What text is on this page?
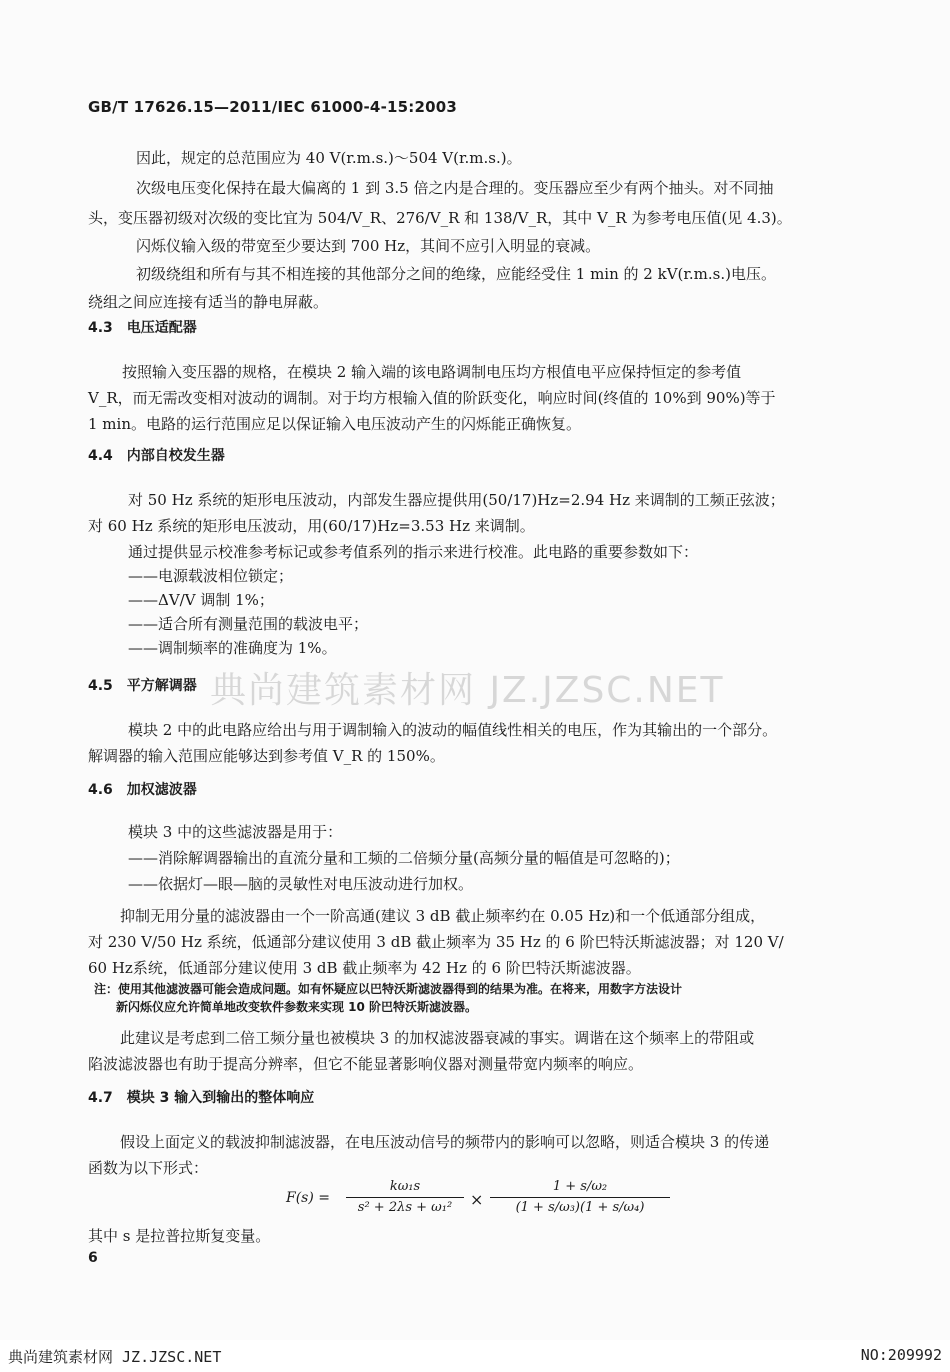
GB/T 17626.15—2011/IEC 61000-4-15:2003
因此，规定的总范围应为 40 V(r.m.s.)～504 V(r.m.s.)。
次级电压变化保持在最大偏离的 1 到 3.5 倍之内是合理的。变压器应至少有两个抽头。对不同抽
头，变压器初级对次级的变比宜为 504/V_R、276/V_R 和 138/V_R，其中 V_R 为参考电压值(见 4.3)。
闪烁仪输入级的带宽至少要达到 700 Hz，其间不应引入明显的衰减。
初级绕组和所有与其不相连接的其他部分之间的绝缘，应能经受住 1 min 的 2 kV(r.m.s.)电压。
绕组之间应连接有适当的静电屏蔽。
4.3　电压适配器
按照输入变压器的规格，在模块 2 输入端的该电路调制电压均方根值电平应保持恒定的参考值
V_R，而无需改变相对波动的调制。对于均方根输入值的阶跃变化，响应时间(终值的 10%到 90%)等于
1 min。电路的运行范围应足以保证输入电压波动产生的闪烁能正确恢复。
4.4　内部自校发生器
对 50 Hz 系统的矩形电压波动，内部发生器应提供用(50/17)Hz=2.94 Hz 来调制的工频正弦波；
对 60 Hz 系统的矩形电压波动，用(60/17)Hz=3.53 Hz 来调制。
通过提供显示校准参考标记或参考值系列的指示来进行校准。此电路的重要参数如下：
——电源载波相位锁定；
——ΔV/V 调制 1%；
——适合所有测量范围的载波电平；
——调制频率的准确度为 1%。
典尚建筑素材网 JZ.JZSC.NET
4.5　平方解调器
模块 2 中的此电路应给出与用于调制输入的波动的幅值线性相关的电压，作为其输出的一个部分。
解调器的输入范围应能够达到参考值 V_R 的 150%。
4.6　加权滤波器
模块 3 中的这些滤波器是用于：
——消除解调器输出的直流分量和工频的二倍频分量(高频分量的幅值是可忽略的)；
——依据灯—眼—脑的灵敏性对电压波动进行加权。
抑制无用分量的滤波器由一个一阶高通(建议 3 dB 截止频率约在 0.05 Hz)和一个低通部分组成，
对 230 V/50 Hz 系统，低通部分建议使用 3 dB 截止频率为 35 Hz 的 6 阶巴特沃斯滤波器；对 120 V/
60 Hz系统，低通部分建议使用 3 dB 截止频率为 42 Hz 的 6 阶巴特沃斯滤波器。
注：使用其他滤波器可能会造成问题。如有怀疑应以巴特沃斯滤波器得到的结果为准。在将来，用数字方法设计
新闪烁仪应允许简单地改变软件参数来实现 10 阶巴特沃斯滤波器。
此建议是考虑到二倍工频分量也被模块 3 的加权滤波器衰减的事实。调谐在这个频率上的带阻或
陷波滤波器也有助于提高分辨率，但它不能显著影响仪器对测量带宽内频率的响应。
4.7　模块 3 输入到输出的整体响应
假设上面定义的载波抑制滤波器，在电压波动信号的频带内的影响可以忽略，则适合模块 3 的传递
函数为以下形式：
F(s) =
kω₁s
s² + 2λs + ω₁²	×
1 + s/ω₂
(1 + s/ω₃)(1 + s/ω₄)
其中 s 是拉普拉斯复变量。
6
典尚建筑素材网 JZ.JZSC.NET	NO:209992
